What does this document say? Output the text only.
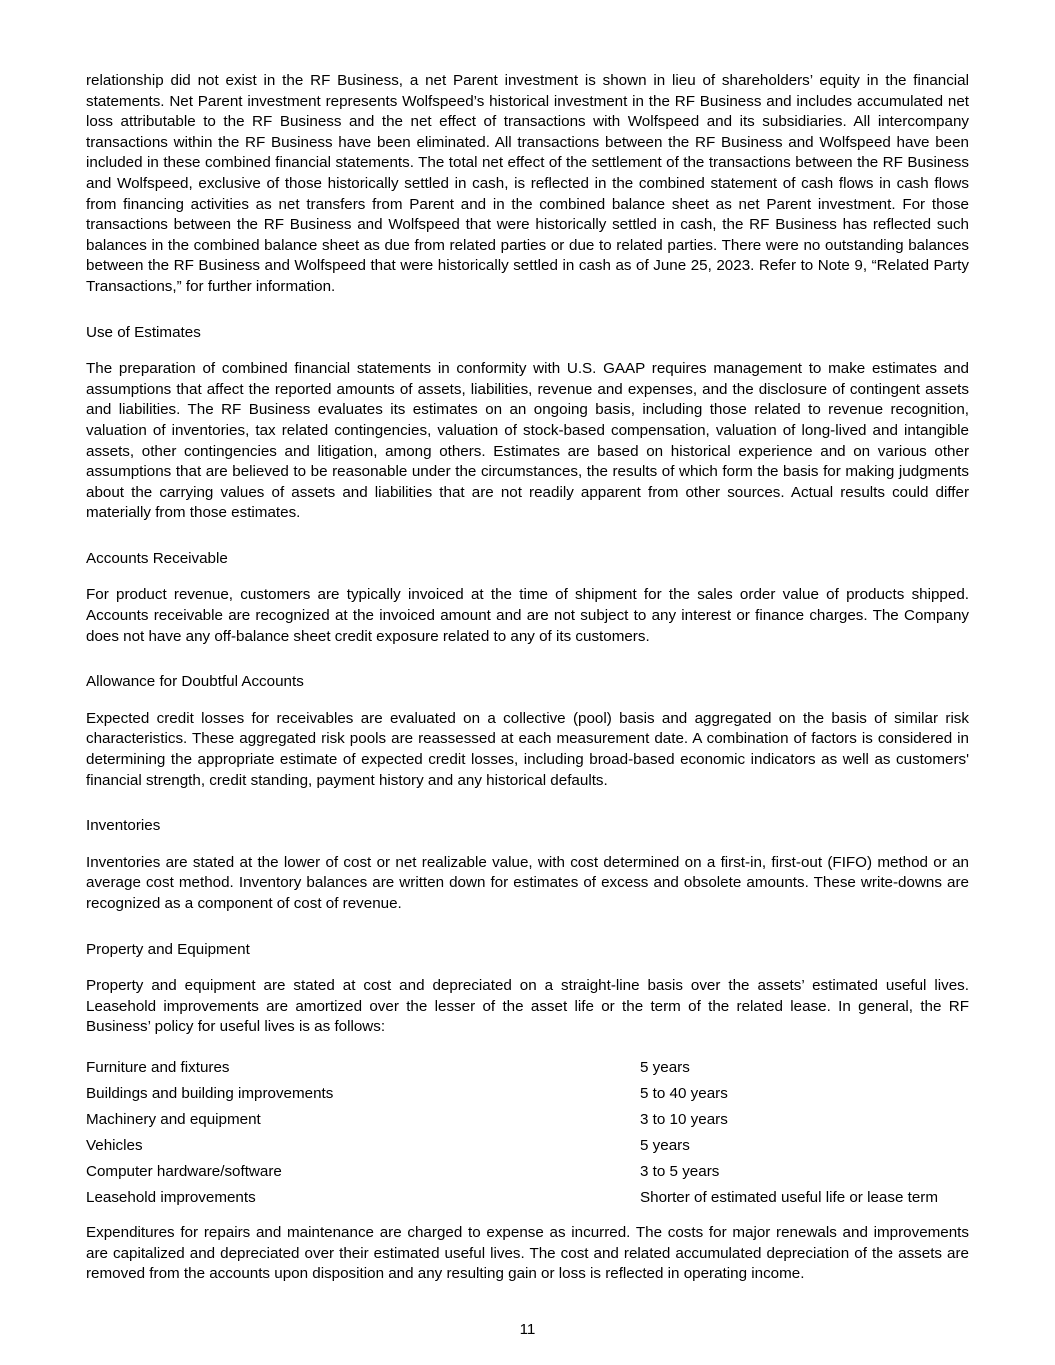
relationship did not exist in the RF Business, a net Parent investment is shown in lieu of shareholders’ equity in the financial statements. Net Parent investment represents Wolfspeed’s historical investment in the RF Business and includes accumulated net loss attributable to the RF Business and the net effect of transactions with Wolfspeed and its subsidiaries. All intercompany transactions within the RF Business have been eliminated. All transactions between the RF Business and Wolfspeed have been included in these combined financial statements. The total net effect of the settlement of the transactions between the RF Business and Wolfspeed, exclusive of those historically settled in cash, is reflected in the combined statement of cash flows in cash flows from financing activities as net transfers from Parent and in the combined balance sheet as net Parent investment. For those transactions between the RF Business and Wolfspeed that were historically settled in cash, the RF Business has reflected such balances in the combined balance sheet as due from related parties or due to related parties. There were no outstanding balances between the RF Business and Wolfspeed that were historically settled in cash as of June 25, 2023. Refer to Note 9, “Related Party Transactions,” for further information.

Use of Estimates

The preparation of combined financial statements in conformity with U.S. GAAP requires management to make estimates and assumptions that affect the reported amounts of assets, liabilities, revenue and expenses, and the disclosure of contingent assets and liabilities. The RF Business evaluates its estimates on an ongoing basis, including those related to revenue recognition, valuation of inventories, tax related contingencies, valuation of stock-based compensation, valuation of long-lived and intangible assets, other contingencies and litigation, among others. Estimates are based on historical experience and on various other assumptions that are believed to be reasonable under the circumstances, the results of which form the basis for making judgments about the carrying values of assets and liabilities that are not readily apparent from other sources. Actual results could differ materially from those estimates.

Accounts Receivable

For product revenue, customers are typically invoiced at the time of shipment for the sales order value of products shipped. Accounts receivable are recognized at the invoiced amount and are not subject to any interest or finance charges. The Company does not have any off-balance sheet credit exposure related to any of its customers.

Allowance for Doubtful Accounts

Expected credit losses for receivables are evaluated on a collective (pool) basis and aggregated on the basis of similar risk characteristics. These aggregated risk pools are reassessed at each measurement date. A combination of factors is considered in determining the appropriate estimate of expected credit losses, including broad-based economic indicators as well as customers' financial strength, credit standing, payment history and any historical defaults.

Inventories

Inventories are stated at the lower of cost or net realizable value, with cost determined on a first-in, first-out (FIFO) method or an average cost method. Inventory balances are written down for estimates of excess and obsolete amounts. These write-downs are recognized as a component of cost of revenue.

Property and Equipment

Property and equipment are stated at cost and depreciated on a straight-line basis over the assets’ estimated useful lives. Leasehold improvements are amortized over the lesser of the asset life or the term of the related lease. In general, the RF Business’ policy for useful lives is as follows:

Furniture and fixtures	5 years
Buildings and building improvements	5 to 40 years
Machinery and equipment	3 to 10 years
Vehicles	5 years
Computer hardware/software	3 to 5 years
Leasehold improvements	Shorter of estimated useful life or lease term

Expenditures for repairs and maintenance are charged to expense as incurred. The costs for major renewals and improvements are capitalized and depreciated over their estimated useful lives. The cost and related accumulated depreciation of the assets are removed from the accounts upon disposition and any resulting gain or loss is reflected in operating income.

11
